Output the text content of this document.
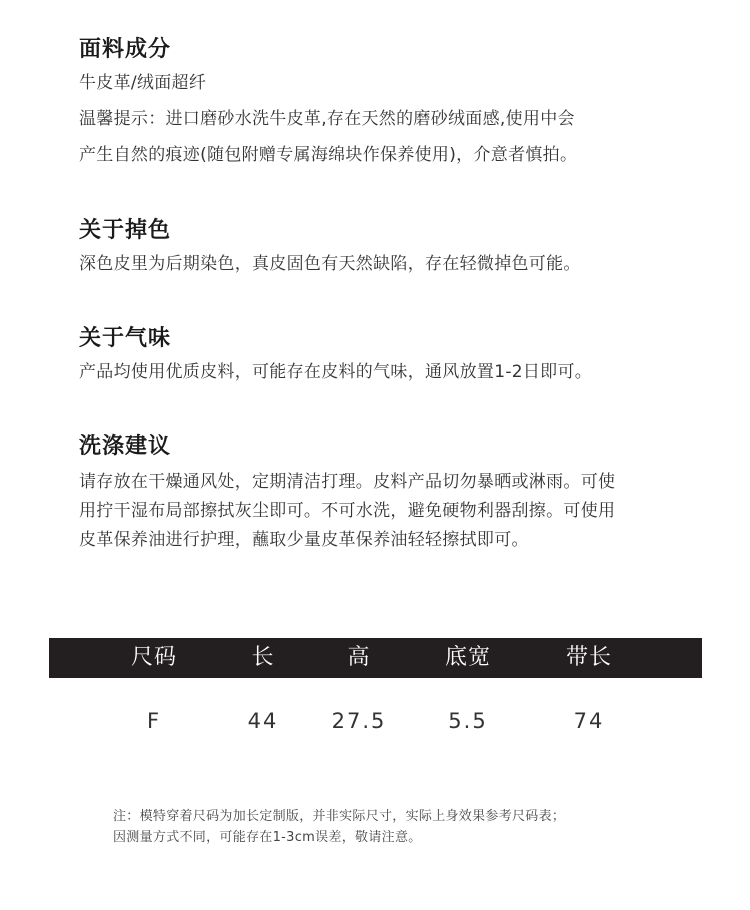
面料成分

牛皮革/绒面超纤

温馨提示：进口磨砂水洗牛皮革,存在天然的磨砂绒面感,使用中会

产生自然的痕迹(随包附赠专属海绵块作保养使用)，介意者慎拍。

关于掉色

深色皮里为后期染色，真皮固色有天然缺陷，存在轻微掉色可能。

关于气味

产品均使用优质皮料，可能存在皮料的气味，通风放置1-2日即可。

洗涤建议

请存放在干燥通风处，定期清洁打理。皮料产品切勿暴晒或淋雨。可使

用拧干湿布局部擦拭灰尘即可。不可水洗，避免硬物利器刮擦。可使用

皮革保养油进行护理，蘸取少量皮革保养油轻轻擦拭即可。

尺码	长	高	底宽	带长
F	44	27.5	5.5	74

注：模特穿着尺码为加长定制版，并非实际尺寸，实际上身效果参考尺码表；

因测量方式不同，可能存在1-3cm误差，敬请注意。
